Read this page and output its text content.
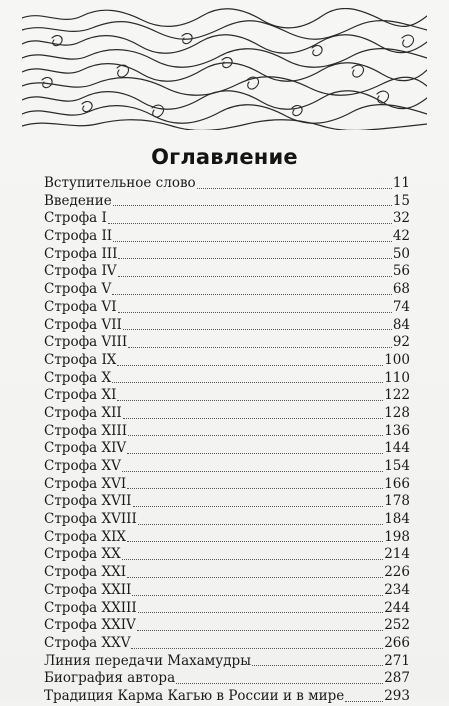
Оглавление
Вступительное слово	11
Введение	15
Строфа I	32
Строфа II	42
Строфа III	50
Строфа IV	56
Строфа V	68
Строфа VI	74
Строфа VII	84
Строфа VIII	92
Строфа IX	100
Строфа X	110
Строфа XI	122
Строфа XII	128
Строфа XIII	136
Строфа XIV	144
Строфа XV	154
Строфа XVI	166
Строфа XVII	178
Строфа XVIII	184
Строфа XIX	198
Строфа XX	214
Строфа XXI	226
Строфа XXII	234
Строфа XXIII	244
Строфа XXIV	252
Строфа XXV	266
Линия передачи Махамудры	271
Биография автора	287
Традиция Карма Кагью в России и в мире	293
